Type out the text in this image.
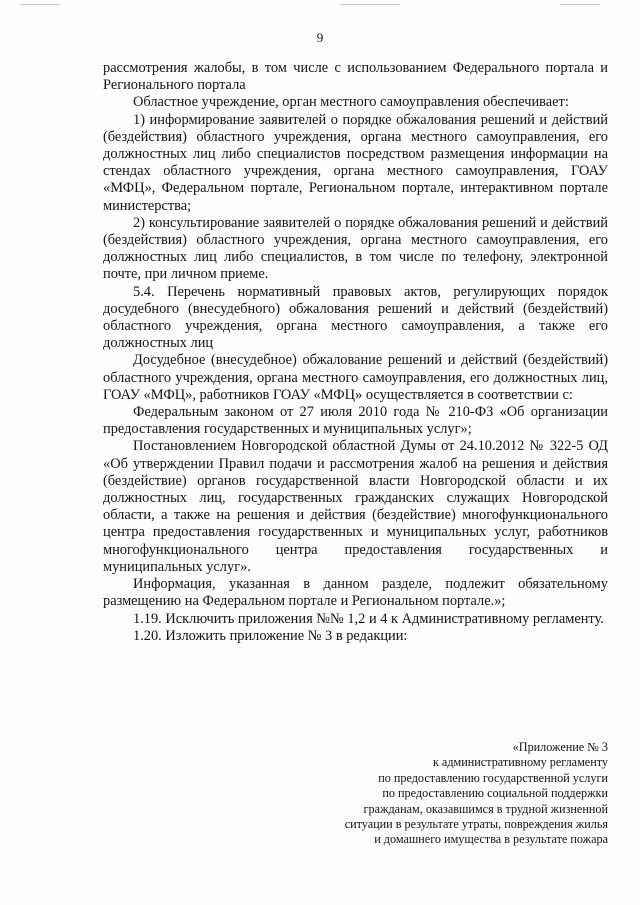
9

рассмотрения жалобы, в том числе с использованием Федерального портала и Регионального портала

Областное учреждение, орган местного самоуправления обеспечивает:

1) информирование заявителей о порядке обжалования решений и действий (бездействия) областного учреждения, органа местного самоуправления, его должностных лиц либо специалистов посредством размещения информации на стендах областного учреждения, органа местного самоуправления, ГОАУ «МФЦ», Федеральном портале, Региональном портале, интерактивном портале министерства;

2) консультирование заявителей о порядке обжалования решений и действий (бездействия) областного учреждения, органа местного самоуправления, его должностных лиц либо специалистов, в том числе по телефону, электронной почте, при личном приеме.

5.4. Перечень нормативный правовых актов, регулирующих порядок досудебного (внесудебного) обжалования решений и действий (бездействий) областного учреждения, органа местного самоуправления, а также его должностных лиц

Досудебное (внесудебное) обжалование решений и действий (бездействий) областного учреждения, органа местного самоуправления, его должностных лиц, ГОАУ «МФЦ», работников ГОАУ «МФЦ» осуществляется в соответствии с:

Федеральным законом от 27 июля 2010 года № 210-ФЗ «Об организации предоставления государственных и муниципальных услуг»;

Постановлением Новгородской областной Думы от 24.10.2012 № 322-5 ОД «Об утверждении Правил подачи и рассмотрения жалоб на решения и действия (бездействие) органов государственной власти Новгородской области и их должностных лиц, государственных гражданских служащих Новгородской области, а также на решения и действия (бездействие) многофункционального центра предоставления государственных и муниципальных услуг, работников многофункционального центра предоставления государственных и муниципальных услуг».

Информация, указанная в данном разделе, подлежит обязательному размещению на Федеральном портале и Региональном портале.»;

1.19. Исключить приложения №№ 1,2 и 4 к Административному регламенту.

1.20. Изложить приложение № 3 в редакции:

«Приложение № 3
к административному регламенту
по предоставлению государственной услуги
по предоставлению социальной поддержки
гражданам, оказавшимся в трудной жизненной
ситуации в результате утраты, повреждения жилья
и домашнего имущества в результате пожара
